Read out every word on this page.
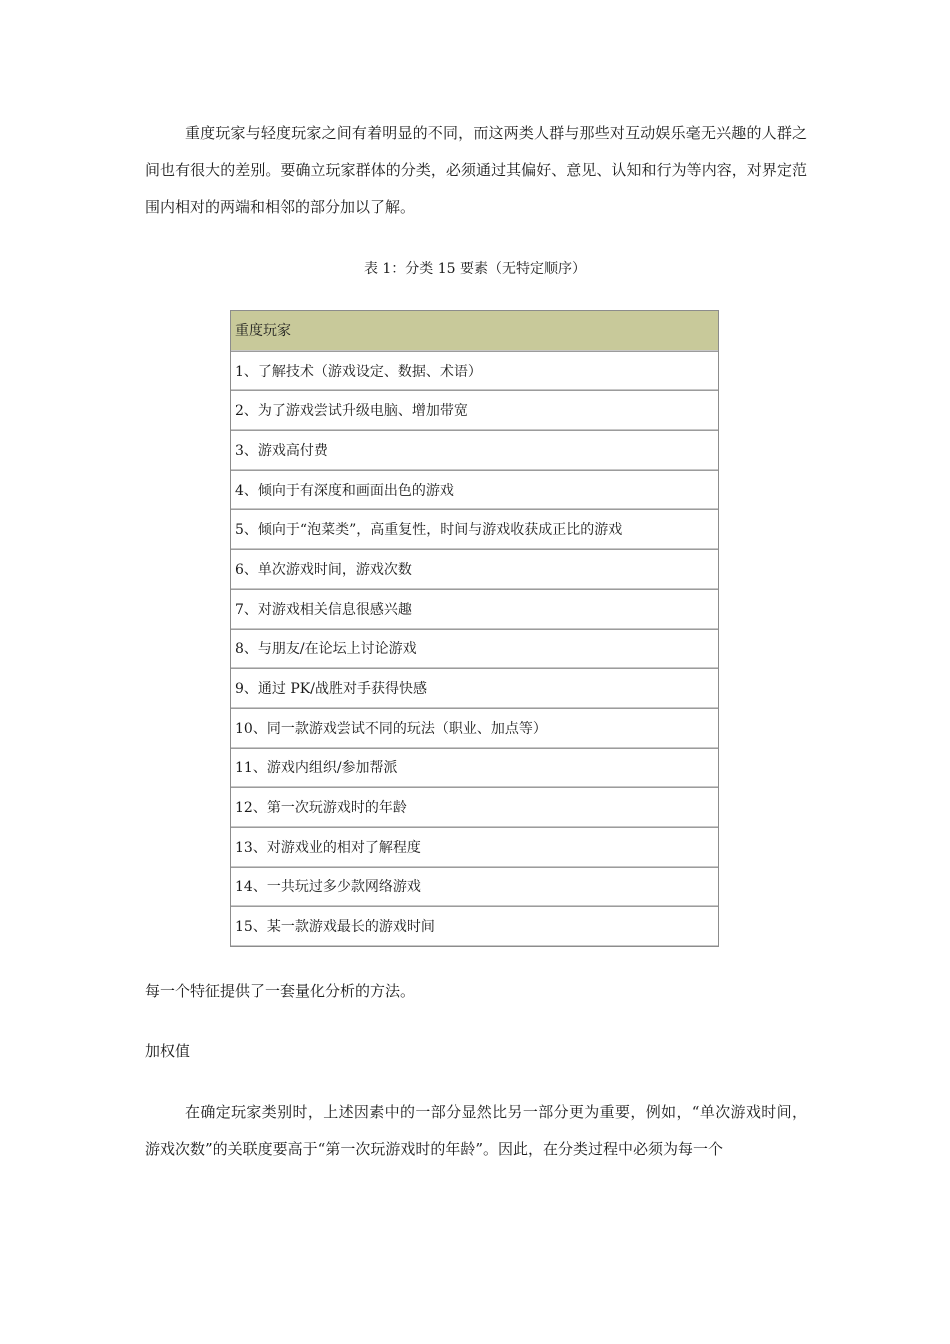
重度玩家与轻度玩家之间有着明显的不同，而这两类人群与那些对互动娱乐毫无兴趣的人群之间也有很大的差别。要确立玩家群体的分类，必须通过其偏好、意见、认知和行为等内容，对界定范围内相对的两端和相邻的部分加以了解。

表 1：分类 15 要素（无特定顺序）
重度玩家
1、了解技术（游戏设定、数据、术语）
2、为了游戏尝试升级电脑、增加带宽
3、游戏高付费
4、倾向于有深度和画面出色的游戏
5、倾向于“泡菜类”，高重复性，时间与游戏收获成正比的游戏
6、单次游戏时间，游戏次数
7、对游戏相关信息很感兴趣
8、与朋友/在论坛上讨论游戏
9、通过 PK/战胜对手获得快感
10、同一款游戏尝试不同的玩法（职业、加点等）
11、游戏内组织/参加帮派
12、第一次玩游戏时的年龄
13、对游戏业的相对了解程度
14、一共玩过多少款网络游戏
15、某一款游戏最长的游戏时间

每一个特征提供了一套量化分析的方法。

加权值

在确定玩家类别时，上述因素中的一部分显然比另一部分更为重要，例如，“单次游戏时间，游戏次数”的关联度要高于“第一次玩游戏时的年龄”。因此，在分类过程中必须为每一个
